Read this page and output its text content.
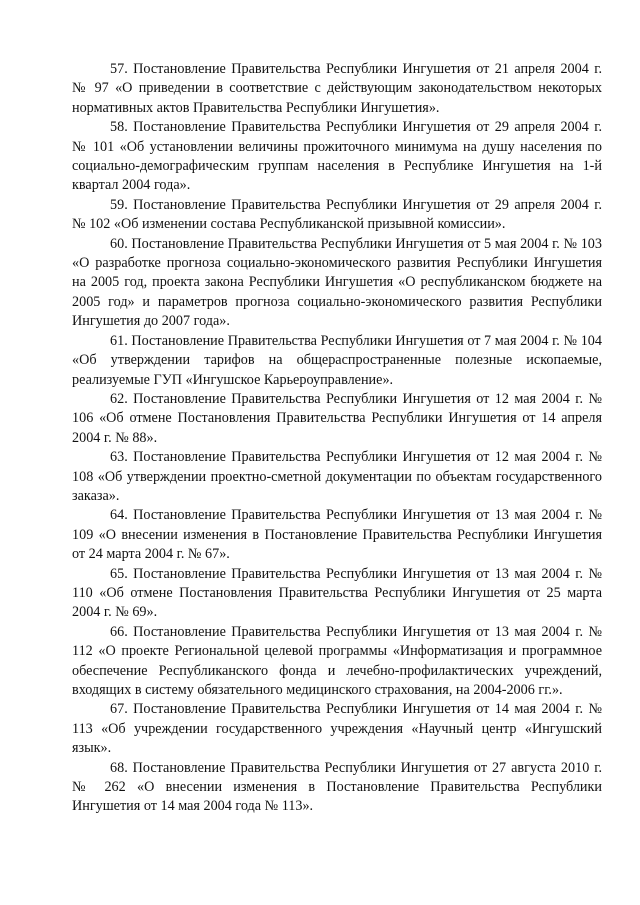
57. Постановление Правительства Республики Ингушетия от 21 апреля 2004 г. № 97 «О приведении в соответствие с действующим законодательством некоторых нормативных актов Правительства Республики Ингушетия».

58. Постановление Правительства Республики Ингушетия от 29 апреля 2004 г. № 101 «Об установлении величины прожиточного минимума на душу населения по социально-демографическим группам населения в Республике Ингушетия на 1-й квартал 2004 года».

59. Постановление Правительства Республики Ингушетия от 29 апреля 2004 г. № 102 «Об изменении состава Республиканской призывной комиссии».

60. Постановление Правительства Республики Ингушетия от 5 мая 2004 г. № 103 «О разработке прогноза социально-экономического развития Республики Ингушетия на 2005 год, проекта закона Республики Ингушетия «О республиканском бюджете на 2005 год» и параметров прогноза социально-экономического развития Республики Ингушетия до 2007 года».

61. Постановление Правительства Республики Ингушетия от 7 мая 2004 г. № 104 «Об утверждении тарифов на общераспространенные полезные ископаемые, реализуемые ГУП «Ингушское Карьероуправление».

62. Постановление Правительства Республики Ингушетия от 12 мая 2004 г. № 106 «Об отмене Постановления Правительства Республики Ингушетия от 14 апреля 2004 г. № 88».

63. Постановление Правительства Республики Ингушетия от 12 мая 2004 г. № 108 «Об утверждении проектно-сметной документации по объектам государственного заказа».

64. Постановление Правительства Республики Ингушетия от 13 мая 2004 г. № 109 «О внесении изменения в Постановление Правительства Республики Ингушетия от 24 марта 2004 г. № 67».

65. Постановление Правительства Республики Ингушетия от 13 мая 2004 г. № 110 «Об отмене Постановления Правительства Республики Ингушетия от 25 марта 2004 г. № 69».

66. Постановление Правительства Республики Ингушетия от 13 мая 2004 г. № 112 «О проекте Региональной целевой программы «Информатизация и программное обеспечение Республиканского фонда и лечебно-профилактических учреждений, входящих в систему обязательного медицинского страхования, на 2004-2006 гг.».

67. Постановление Правительства Республики Ингушетия от 14 мая 2004 г. № 113 «Об учреждении государственного учреждения «Научный центр «Ингушский язык».

68. Постановление Правительства Республики Ингушетия от 27 августа 2010 г. № 262 «О внесении изменения в Постановление Правительства Республики Ингушетия от 14 мая 2004 года № 113».
